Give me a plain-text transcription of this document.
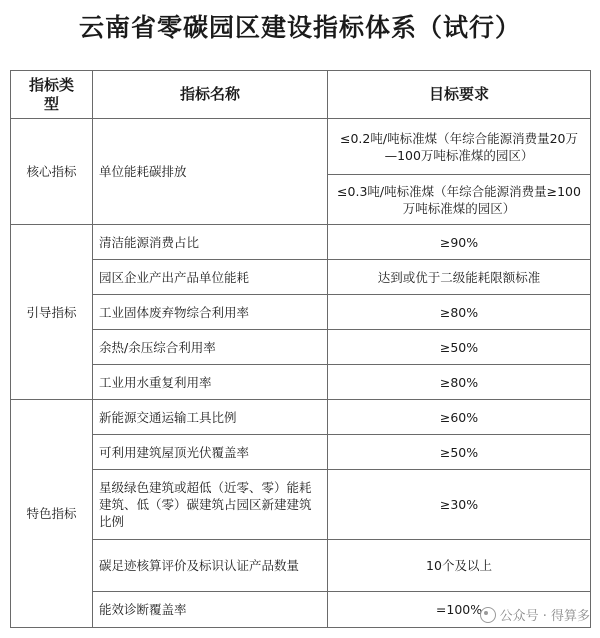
云南省零碳园区建设指标体系（试行）
指标类型	指标名称	目标要求
核心指标	单位能耗碳排放	≤0.2吨/吨标准煤（年综合能源消费量20万—100万吨标准煤的园区）
		≤0.3吨/吨标准煤（年综合能源消费量≥100万吨标准煤的园区）
引导指标	清洁能源消费占比	≥90%
	园区企业产出产品单位能耗	达到或优于二级能耗限额标准
	工业固体废弃物综合利用率	≥80%
	余热/余压综合利用率	≥50%
	工业用水重复利用率	≥80%
特色指标	新能源交通运输工具比例	≥60%
	可利用建筑屋顶光伏覆盖率	≥50%
	星级绿色建筑或超低（近零、零）能耗建筑、低（零）碳建筑占园区新建建筑比例	≥30%
	碳足迹核算评价及标识认证产品数量	10个及以上
	能效诊断覆盖率	=100%	公众号 · 得算多
